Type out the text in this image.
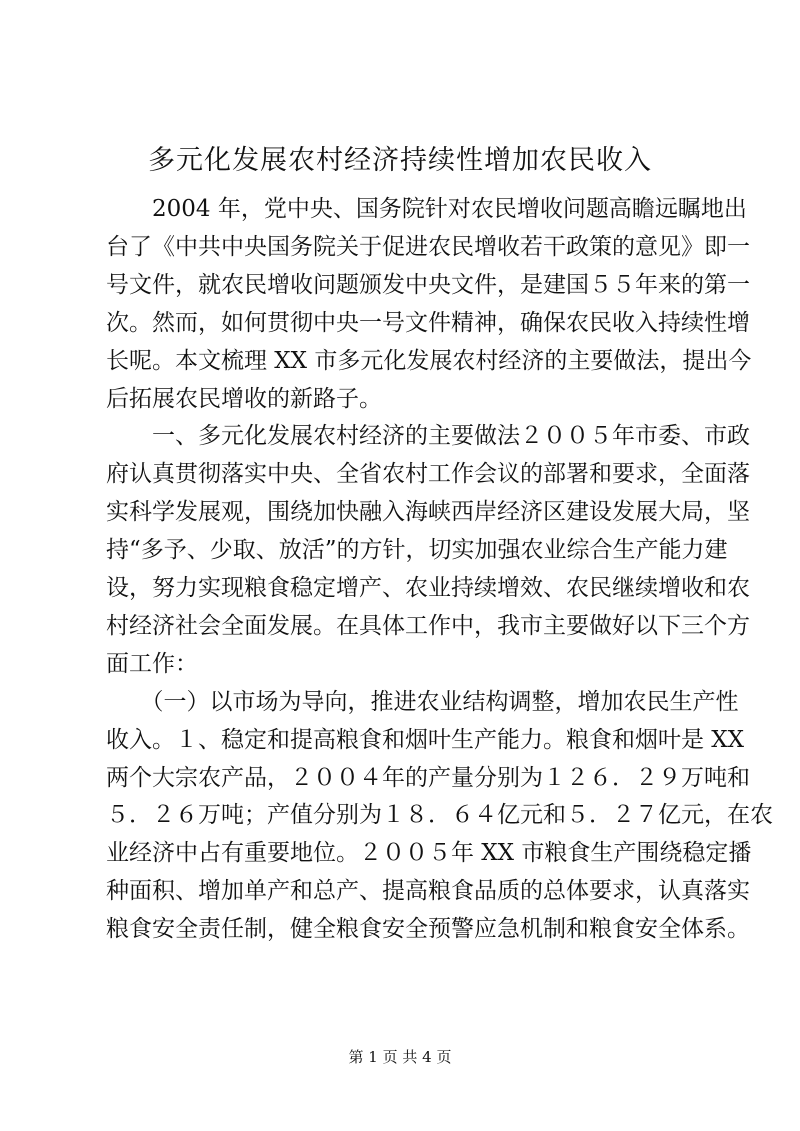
多元化发展农村经济持续性增加农民收入
　　2004 年，党中央、国务院针对农民增收问题高瞻远瞩地出
台了《中共中央国务院关于促进农民增收若干政策的意见》即一
号文件，就农民增收问题颁发中央文件，是建国５５年来的第一
次。然而，如何贯彻中央一号文件精神，确保农民收入持续性增
长呢。本文梳理 XX 市多元化发展农村经济的主要做法，提出今
后拓展农民增收的新路子。
　　一、多元化发展农村经济的主要做法２００５年市委、市政
府认真贯彻落实中央、全省农村工作会议的部署和要求，全面落
实科学发展观，围绕加快融入海峡西岸经济区建设发展大局，坚
持“多予、少取、放活”的方针，切实加强农业综合生产能力建
设，努力实现粮食稳定增产、农业持续增效、农民继续增收和农
村经济社会全面发展。在具体工作中，我市主要做好以下三个方
面工作：
　　（一）以市场为导向，推进农业结构调整，增加农民生产性
收入。１、稳定和提高粮食和烟叶生产能力。粮食和烟叶是 XX
两个大宗农产品，２００４年的产量分别为１２６．２９万吨和
５．２６万吨；产值分别为１８．６４亿元和５．２７亿元，在农
业经济中占有重要地位。２００５年 XX 市粮食生产围绕稳定播
种面积、增加单产和总产、提高粮食品质的总体要求，认真落实
粮食安全责任制，健全粮食安全预警应急机制和粮食安全体系。
第 1 页 共 4 页
